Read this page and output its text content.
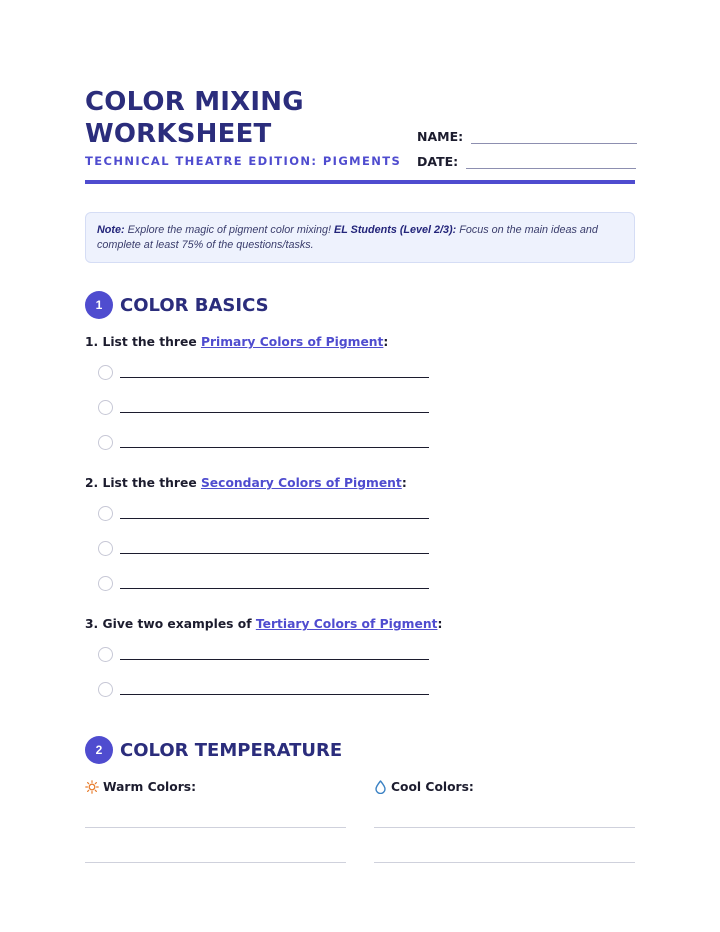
COLOR MIXING
WORKSHEET
TECHNICAL THEATRE EDITION: PIGMENTS
NAME:
DATE:
Note: Explore the magic of pigment color mixing! EL Students (Level 2/3): Focus on the main ideas and complete at least 75% of the questions/tasks.
1 COLOR BASICS
1. List the three Primary Colors of Pigment:
2. List the three Secondary Colors of Pigment:
3. Give two examples of Tertiary Colors of Pigment:
2 COLOR TEMPERATURE
Warm Colors:	Cool Colors:
